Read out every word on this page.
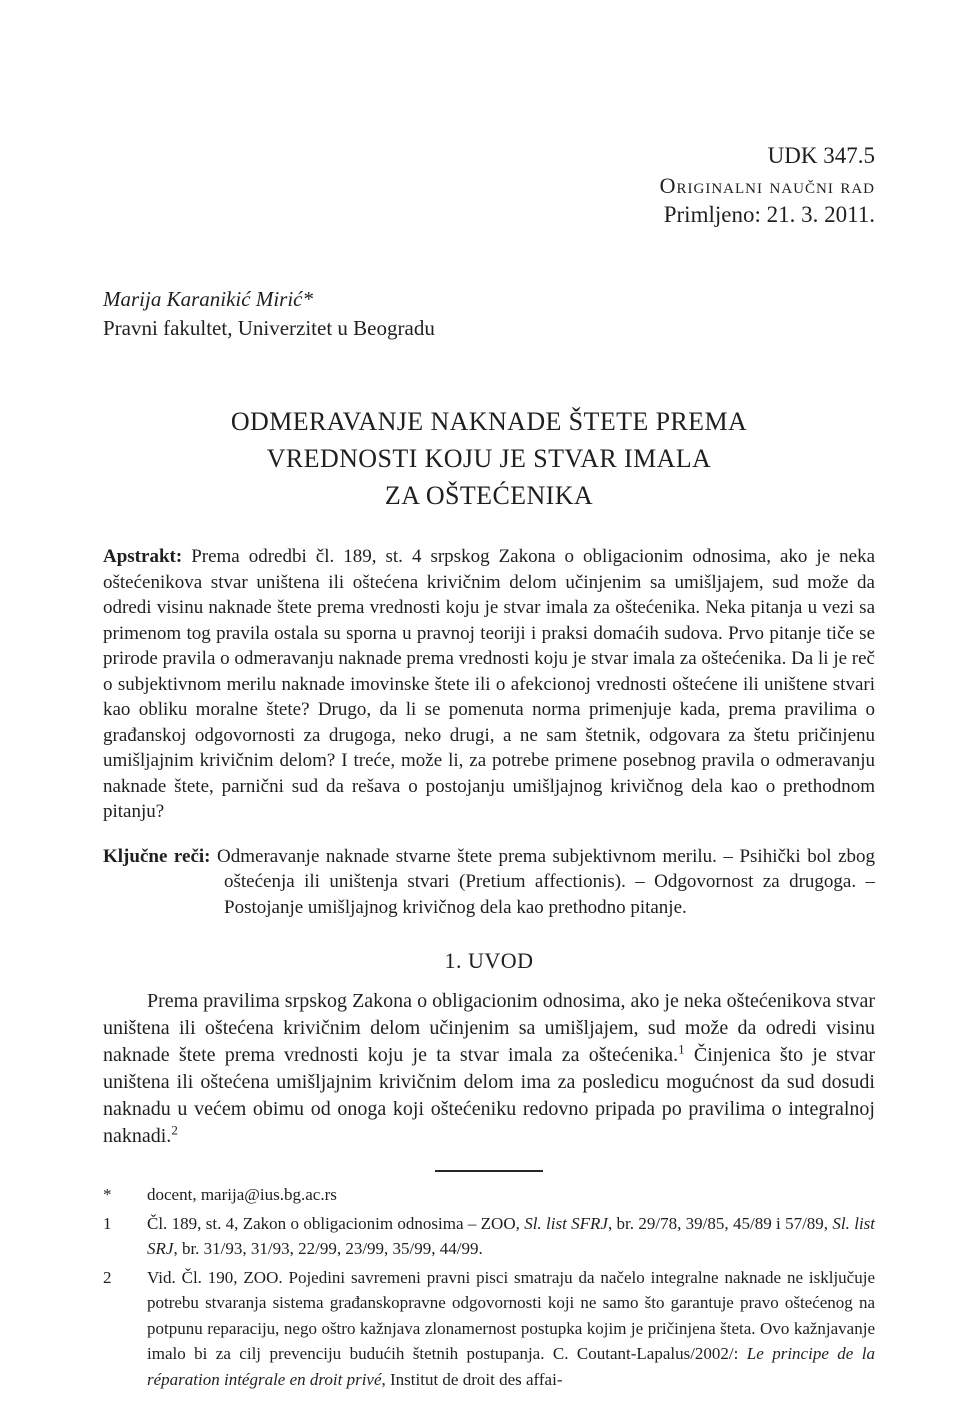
UDK 347.5
Originalni naučni rad
Primljeno: 21. 3. 2011.
Marija Karanikić Mirić*
Pravni fakultet, Univerzitet u Beogradu
ODMERAVANJE NAKNADE ŠTETE PREMA
VREDNOSTI KOJU JE STVAR IMALA
ZA OŠTEĆENIKA

Apstrakt: Prema odredbi čl. 189, st. 4 srpskog Zakona o obligacionim odnosima, ako je neka oštećenikova stvar uništena ili oštećena krivičnim delom učinjenim sa umišljajem, sud može da odredi visinu naknade štete prema vrednosti koju je stvar imala za oštećenika. Neka pitanja u vezi sa primenom tog pravila ostala su sporna u pravnoj teoriji i praksi domaćih sudova. Prvo pitanje tiče se prirode pravila o odmeravanju naknade prema vrednosti koju je stvar imala za oštećenika. Da li je reč o subjektivnom merilu naknade imovinske štete ili o afekcionoj vrednosti oštećene ili uništene stvari kao obliku moralne štete? Drugo, da li se pomenuta norma primenjuje kada, prema pravilima o građanskoj odgovornosti za drugoga, neko drugi, a ne sam štetnik, odgovara za štetu pričinjenu umišljajnim krivičnim delom? I treće, može li, za potrebe primene posebnog pravila o odmeravanju naknade štete, parnični sud da rešava o postojanju umišljajnog krivičnog dela kao o prethodnom pitanju?

Ključne reči: Odmeravanje naknade stvarne štete prema subjektivnom merilu. – Psihički bol zbog oštećenja ili uništenja stvari (Pretium affectionis). – Odgovornost za drugoga. – Postojanje umišljajnog krivičnog dela kao prethodno pitanje.

1. UVOD

Prema pravilima srpskog Zakona o obligacionim odnosima, ako je neka oštećenikova stvar uništena ili oštećena krivičnim delom učinjenim sa umišljajem, sud može da odredi visinu naknade štete prema vrednosti koju je ta stvar imala za oštećenika.$^1$ Činjenica što je stvar uništena ili oštećena umišljajnim krivičnim delom ima za posledicu mogućnost da sud dosudi naknadu u većem obimu od onoga koji oštećeniku redovno pripada po pravilima o integralnoj naknadi.$^2$

*	docent, marija@ius.bg.ac.rs
1	Čl. 189, st. 4, Zakon o obligacionim odnosima – ZOO, Sl. list SFRJ, br. 29/78, 39/85, 45/89 i 57/89, Sl. list SRJ, br. 31/93, 31/93, 22/99, 23/99, 35/99, 44/99.
2	Vid. Čl. 190, ZOO. Pojedini savremeni pravni pisci smatraju da načelo integralne naknade ne isključuje potrebu stvaranja sistema građanskopravne odgovornosti koji ne samo što garantuje pravo oštećenog na potpunu reparaciju, nego oštro kažnjava zlonamernost postupka kojim je pričinjena šteta. Ovo kažnjavanje imalo bi za cilj prevenciju budućih štetnih postupanja. C. Coutant-Lapalus/2002/: Le principe de la réparation intégrale en droit privé, Institut de droit des affai-
